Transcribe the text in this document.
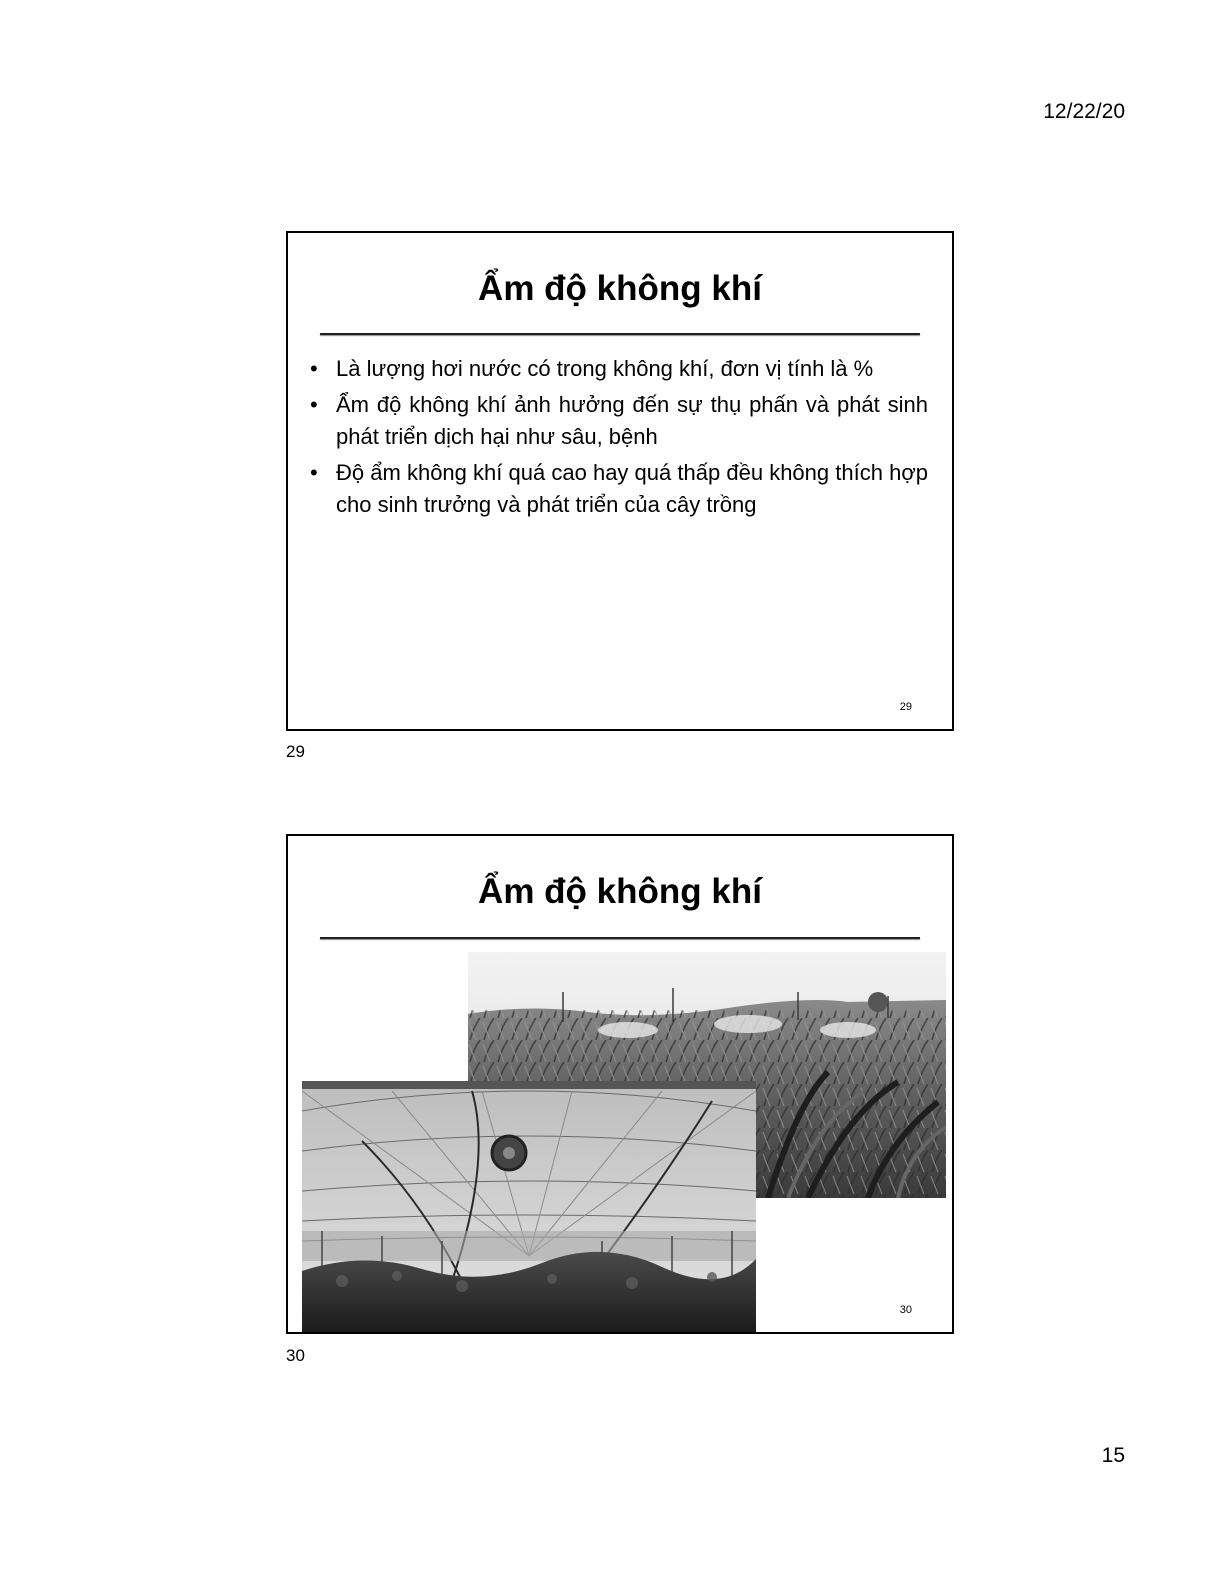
12/22/20
Ẩm độ không khí
• Là lượng hơi nước có trong không khí, đơn vị tính là %
• Ẩm độ không khí ảnh hưởng đến sự thụ phấn và phát sinh phát triển dịch hại như sâu, bệnh
• Độ ẩm không khí quá cao hay quá thấp đều không thích hợp cho sinh trưởng và phát triển của cây trồng
29
29
Ẩm độ không khí
30
30
15
